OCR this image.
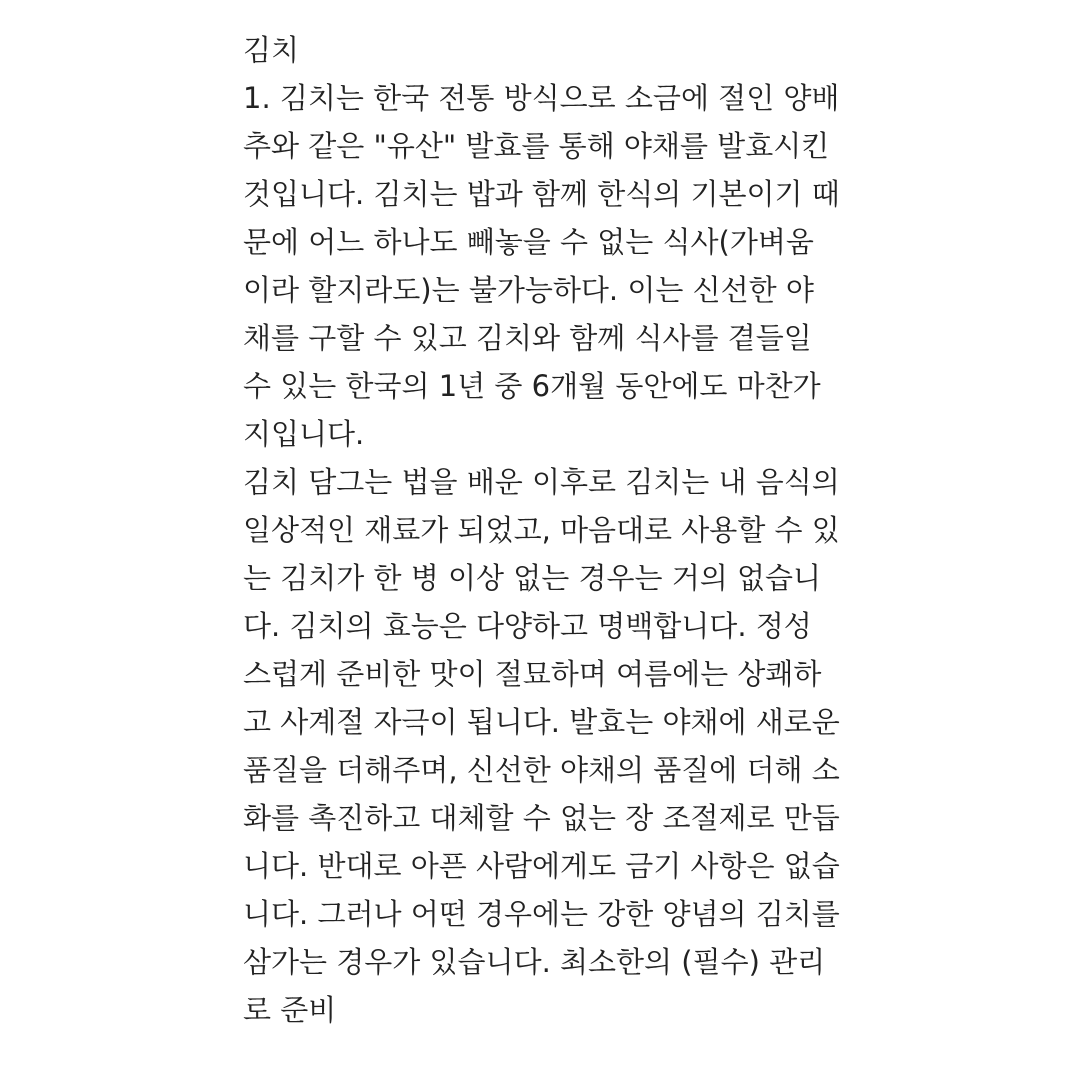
김치
1. 김치는 한국 전통 방식으로 소금에 절인 양배
추와 같은 "유산" 발효를 통해 야채를 발효시킨
것입니다. 김치는 밥과 함께 한식의 기본이기 때
문에 어느 하나도 빼놓을 수 없는 식사(가벼움
이라 할지라도)는 불가능하다. 이는 신선한 야
채를 구할 수 있고 김치와 함께 식사를 곁들일
수 있는 한국의 1년 중 6개월 동안에도 마찬가
지입니다.
김치 담그는 법을 배운 이후로 김치는 내 음식의
일상적인 재료가 되었고, 마음대로 사용할 수 있
는 김치가 한 병 이상 없는 경우는 거의 없습니
다. 김치의 효능은 다양하고 명백합니다. 정성
스럽게 준비한 맛이 절묘하며 여름에는 상쾌하
고 사계절 자극이 됩니다. 발효는 야채에 새로운
품질을 더해주며, 신선한 야채의 품질에 더해 소
화를 촉진하고 대체할 수 없는 장 조절제로 만듭
니다. 반대로 아픈 사람에게도 금기 사항은 없습
니다. 그러나 어떤 경우에는 강한 양념의 김치를
삼가는 경우가 있습니다. 최소한의 (필수) 관리
로 준비
